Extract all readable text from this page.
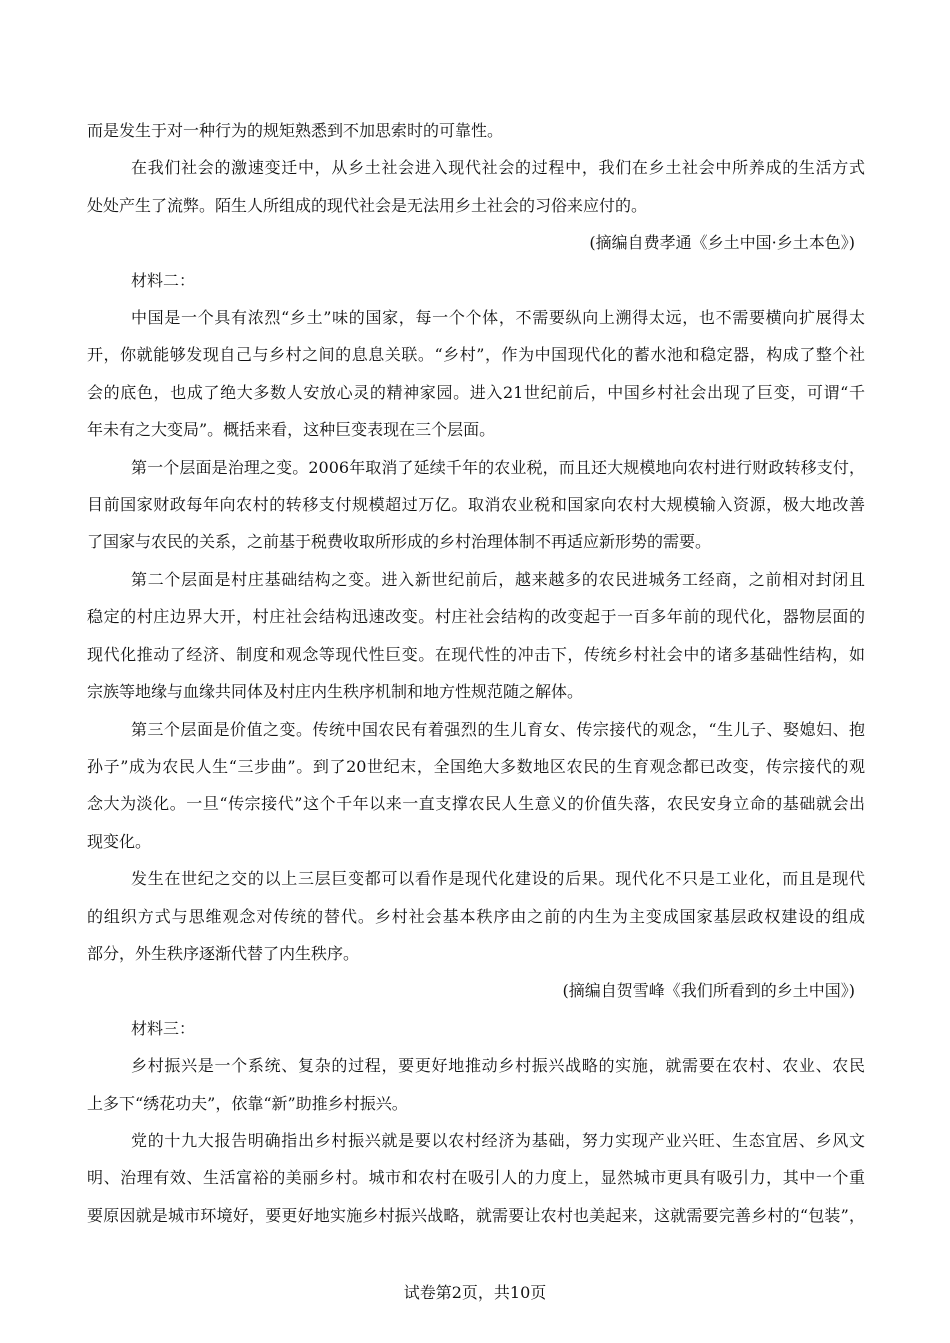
而是发生于对一种行为的规矩熟悉到不加思索时的可靠性。
在我们社会的激速变迁中，从乡土社会进入现代社会的过程中，我们在乡土社会中所养成的生活方式
处处产生了流弊。陌生人所组成的现代社会是无法用乡土社会的习俗来应付的。
(摘编自费孝通《乡土中国·乡土本色》)
材料二：
中国是一个具有浓烈“乡土”味的国家，每一个个体，不需要纵向上溯得太远，也不需要横向扩展得太
开，你就能够发现自己与乡村之间的息息关联。“乡村”，作为中国现代化的蓄水池和稳定器，构成了整个社
会的底色，也成了绝大多数人安放心灵的精神家园。进入21世纪前后，中国乡村社会出现了巨变，可谓“千
年未有之大变局”。概括来看，这种巨变表现在三个层面。
第一个层面是治理之变。2006年取消了延续千年的农业税，而且还大规模地向农村进行财政转移支付，
目前国家财政每年向农村的转移支付规模超过万亿。取消农业税和国家向农村大规模输入资源，极大地改善
了国家与农民的关系，之前基于税费收取所形成的乡村治理体制不再适应新形势的需要。
第二个层面是村庄基础结构之变。进入新世纪前后，越来越多的农民进城务工经商，之前相对封闭且
稳定的村庄边界大开，村庄社会结构迅速改变。村庄社会结构的改变起于一百多年前的现代化，器物层面的
现代化推动了经济、制度和观念等现代性巨变。在现代性的冲击下，传统乡村社会中的诸多基础性结构，如
宗族等地缘与血缘共同体及村庄内生秩序机制和地方性规范随之解体。
第三个层面是价值之变。传统中国农民有着强烈的生儿育女、传宗接代的观念，“生儿子、娶媳妇、抱
孙子”成为农民人生“三步曲”。到了20世纪末，全国绝大多数地区农民的生育观念都已改变，传宗接代的观
念大为淡化。一旦“传宗接代”这个千年以来一直支撑农民人生意义的价值失落，农民安身立命的基础就会出
现变化。
发生在世纪之交的以上三层巨变都可以看作是现代化建设的后果。现代化不只是工业化，而且是现代
的组织方式与思维观念对传统的替代。乡村社会基本秩序由之前的内生为主变成国家基层政权建设的组成
部分，外生秩序逐渐代替了内生秩序。
(摘编自贺雪峰《我们所看到的乡土中国》)
材料三：
乡村振兴是一个系统、复杂的过程，要更好地推动乡村振兴战略的实施，就需要在农村、农业、农民
上多下“绣花功夫”，依靠“新”助推乡村振兴。
党的十九大报告明确指出乡村振兴就是要以农村经济为基础，努力实现产业兴旺、生态宜居、乡风文
明、治理有效、生活富裕的美丽乡村。城市和农村在吸引人的力度上，显然城市更具有吸引力，其中一个重
要原因就是城市环境好，要更好地实施乡村振兴战略，就需要让农村也美起来，这就需要完善乡村的“包装”，
试卷第2页，共10页
